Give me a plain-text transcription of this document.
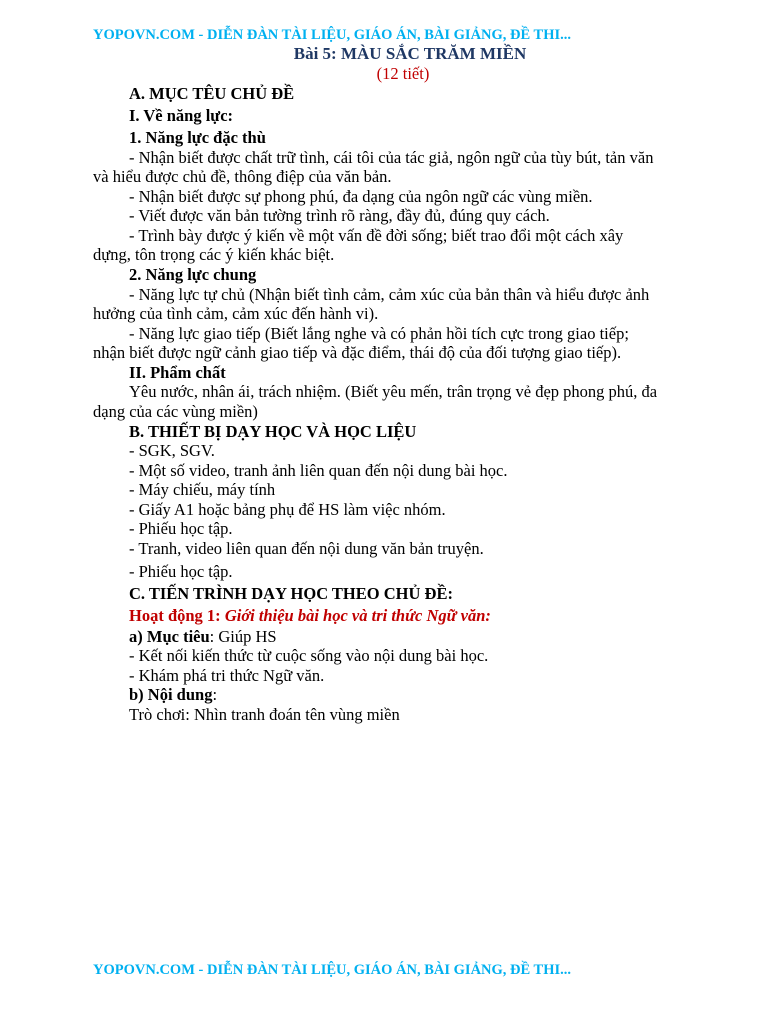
YOPOVN.COM - DIỄN ĐÀN TÀI LIỆU, GIÁO ÁN, BÀI GIẢNG, ĐỀ THI...
Bài 5: MÀU SẮC TRĂM MIỀN
(12 tiết)
A. MỤC TÊU CHỦ ĐỀ
I. Về năng lực:
1. Năng lực đặc thù
- Nhận biết được chất trữ tình, cái tôi của tác giả, ngôn ngữ của tùy bút, tản văn
và hiểu được chủ đề, thông điệp của văn bản.
- Nhận biết được sự phong phú, đa dạng của ngôn ngữ các vùng miền.
- Viết được văn bản tường trình rõ ràng, đầy đủ, đúng quy cách.
- Trình bày được ý kiến về một vấn đề đời sống; biết trao đổi một cách xây
dựng, tôn trọng các ý kiến khác biệt.
2. Năng lực chung
- Năng lực tự chủ (Nhận biết tình cảm, cảm xúc của bản thân và hiểu được ảnh
hưởng của tình cảm, cảm xúc đến hành vi).
- Năng lực giao tiếp (Biết lắng nghe và có phản hồi tích cực trong giao tiếp;
nhận biết được ngữ cảnh giao tiếp và đặc điểm, thái độ của đối tượng giao tiếp).
II. Phẩm chất
Yêu nước, nhân ái, trách nhiệm. (Biết yêu mến, trân trọng vẻ đẹp phong phú, đa
dạng của các vùng miền)
B. THIẾT BỊ DẠY HỌC VÀ HỌC LIỆU
- SGK, SGV.
- Một số video, tranh ảnh liên quan đến nội dung bài học.
- Máy chiếu, máy tính
- Giấy A1 hoặc bảng phụ để HS làm việc nhóm.
- Phiếu học tập.
- Tranh, video liên quan đến nội dung văn bản truyện.
- Phiếu học tập.
C. TIẾN TRÌNH DẠY HỌC THEO CHỦ ĐỀ:
Hoạt động 1: Giới thiệu bài học và tri thức Ngữ văn:
a) Mục tiêu: Giúp HS
- Kết nối kiến thức từ cuộc sống vào nội dung bài học.
- Khám phá tri thức Ngữ văn.
b) Nội dung:
Trò chơi: Nhìn tranh đoán tên vùng miền
YOPOVN.COM - DIỄN ĐÀN TÀI LIỆU, GIÁO ÁN, BÀI GIẢNG, ĐỀ THI...
